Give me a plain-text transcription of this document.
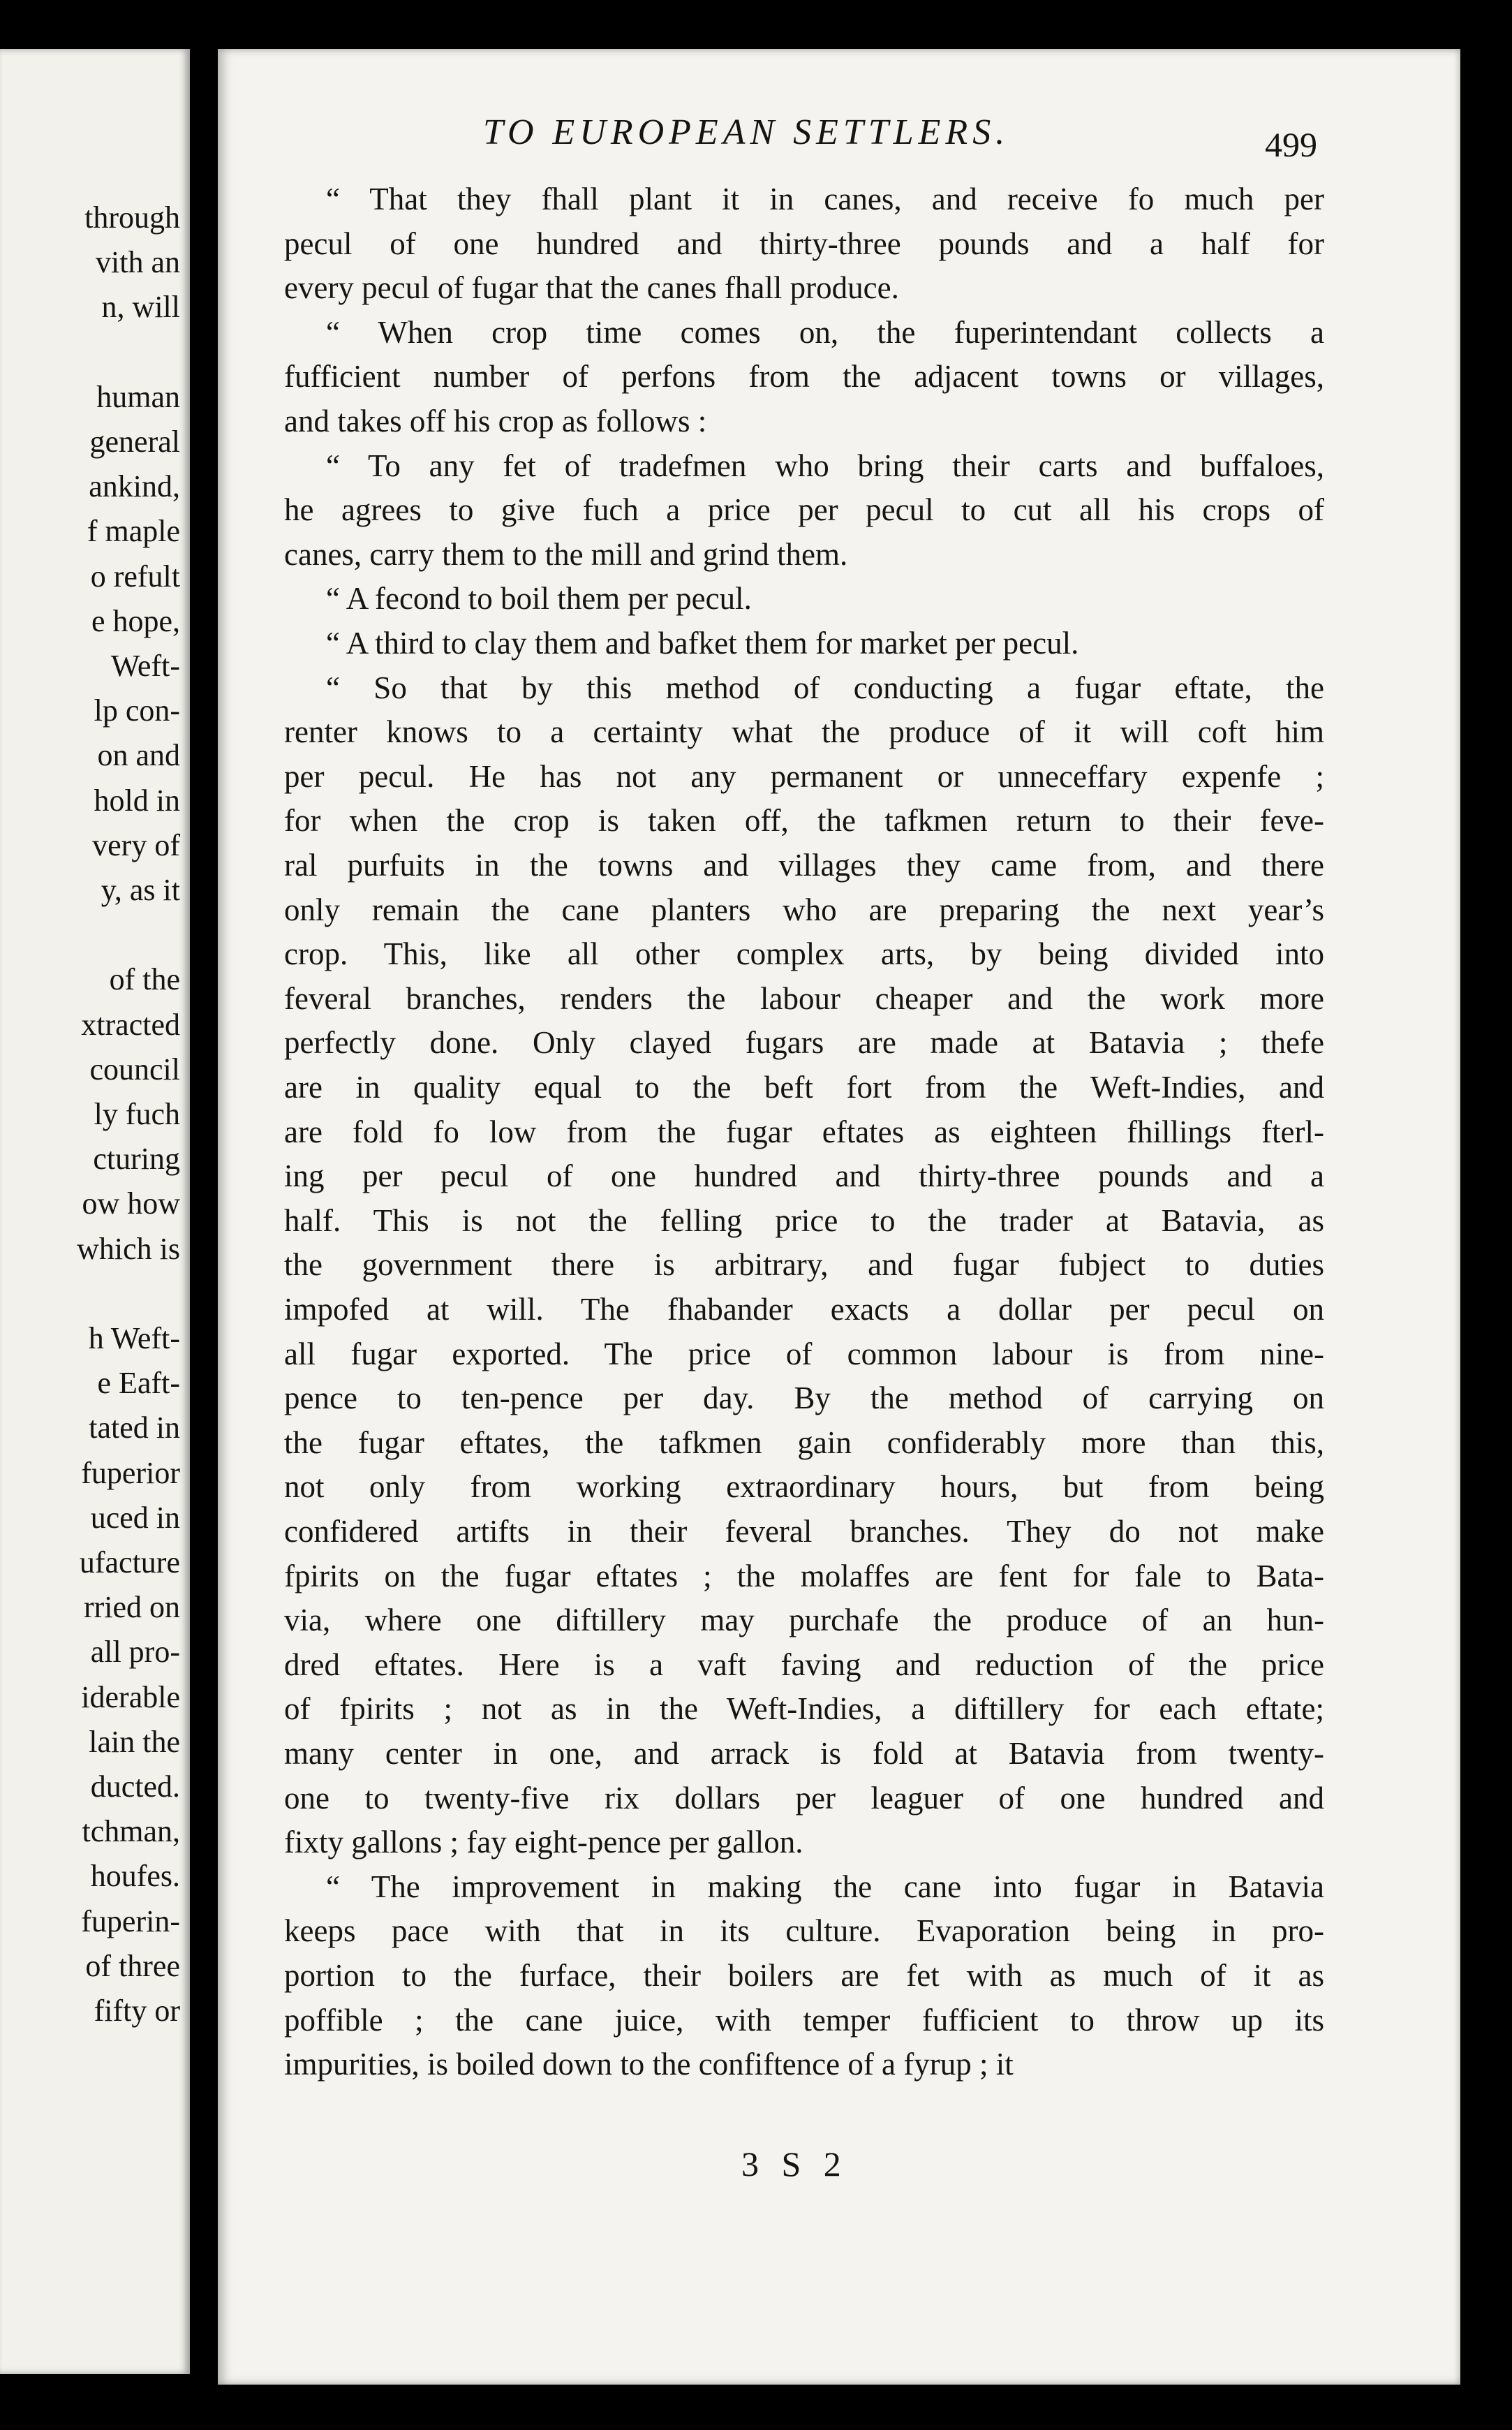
through
vith an
n, will
human
general
ankind,
f maple
o refult
e hope,
Weft-
lp con-
on and
hold in
very of
y, as it
of the
xtracted
council
ly fuch
cturing
ow how
which is
h Weft-
e Eaft-
tated in
fuperior
uced in
ufacture
rried on
all pro-
iderable
lain the
ducted.
tchman,
houfes.
fuperin-
of three
fifty or
TO EUROPEAN SETTLERS.	499
“ That they fhall plant it in canes, and receive fo much per
pecul of one hundred and thirty-three pounds and a half for
every pecul of fugar that the canes fhall produce.
“ When crop time comes on, the fuperintendant collects a
fufficient number of perfons from the adjacent towns or villages,
and takes off his crop as follows :
“ To any fet of tradefmen who bring their carts and buffaloes,
he agrees to give fuch a price per pecul to cut all his crops of
canes, carry them to the mill and grind them.
“ A fecond to boil them per pecul.
“ A third to clay them and bafket them for market per pecul.
“ So that by this method of conducting a fugar eftate, the
renter knows to a certainty what the produce of it will coft him
per pecul. He has not any permanent or unneceffary expenfe ;
for when the crop is taken off, the tafkmen return to their feve-
ral purfuits in the towns and villages they came from, and there
only remain the cane planters who are preparing the next year’s
crop. This, like all other complex arts, by being divided into
feveral branches, renders the labour cheaper and the work more
perfectly done. Only clayed fugars are made at Batavia ; thefe
are in quality equal to the beft fort from the Weft-Indies, and
are fold fo low from the fugar eftates as eighteen fhillings fterl-
ing per pecul of one hundred and thirty-three pounds and a
half. This is not the felling price to the trader at Batavia, as
the government there is arbitrary, and fugar fubject to duties
impofed at will. The fhabander exacts a dollar per pecul on
all fugar exported. The price of common labour is from nine-
pence to ten-pence per day. By the method of carrying on
the fugar eftates, the tafkmen gain confiderably more than this,
not only from working extraordinary hours, but from being
confidered artifts in their feveral branches. They do not make
fpirits on the fugar eftates ; the molaffes are fent for fale to Bata-
via, where one diftillery may purchafe the produce of an hun-
dred eftates. Here is a vaft faving and reduction of the price
of fpirits ; not as in the Weft-Indies, a diftillery for each eftate;
many center in one, and arrack is fold at Batavia from twenty-
one to twenty-five rix dollars per leaguer of one hundred and
fixty gallons ; fay eight-pence per gallon.
“ The improvement in making the cane into fugar in Batavia
keeps pace with that in its culture. Evaporation being in pro-
portion to the furface, their boilers are fet with as much of it as
poffible ; the cane juice, with temper fufficient to throw up its
impurities, is boiled down to the confiftence of a fyrup ; it
3 S 2
